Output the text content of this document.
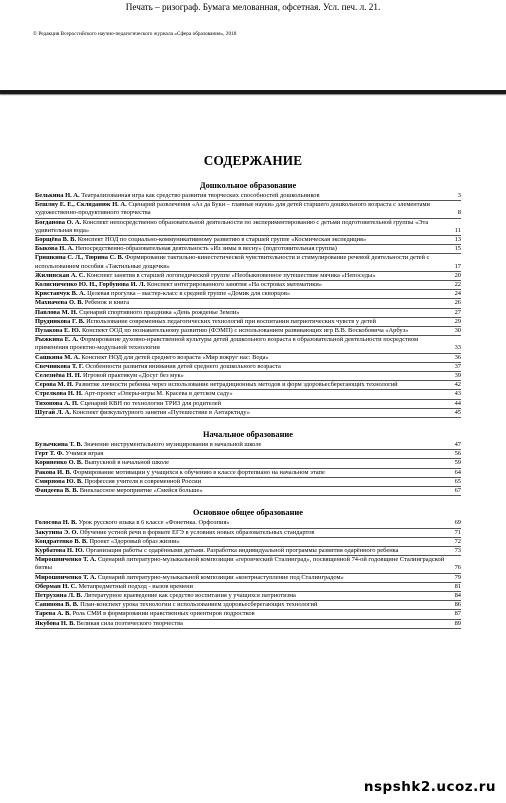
Печать – ризограф. Бумага мелованная, офсетная. Усл. печ. л. 21.
© Редакция Всероссийского научно-педагогического журнала «Сфера образования», 2018
СОДЕРЖАНИЕ
Дошкольное образование
Белькина Н. А. Театрализованная игра как средство развития творческих способностей дошкольников	3
Бешлиу Е. Е., Скляданюк Н. А. Сценарий развлечения «Аз да Буки – главные науки» для детей старшего дошкольного возраста с элементами художественно-продуктивного творчества	8
Богданова О. А. Конспект непосредственно образовательной деятельности по экспериментированию с детьми подготовительной группы «Эта удивительная вода»	11
Борщёва В. В. Конспект НОД по социально-коммуникативному развитию в старшей группе «Космическая экспедиция»	13
Быкова Н. А. Непосредственно-образовательная деятельность «Из зимы в весну» (подготовительная группа)	15
Гришкина С. Л., Тюрина С. В. Формирование тактильно-кинестетической чувствительности и стимулирование речевой деятельности детей с использованием пособия «Тактильные дощечки»	17
Жилинская А. С. Конспект занятия в старшей логопедической группе «Необыкновенное путешествие мячика «Непоседы»	20
Колисниченко Ю. Н., Горбунова И. Л. Конспект интегрированного занятия «На островах математики»	22
Криставчук В. А. Целевая прогулка – мастер-класс в средней группе «Домик для скворцов»	24
Махначева О. В. Ребенок и книга	26
Павлова М. Н. Сценарий спортивного праздника «День рожденье Земли»	27
Прудникова Г. В. Использование современных педагогических технологий при воспитании патриотических чувств у детей	29
Пузакова Е. Ю. Конспект ООД по познавательному развитию (ФЭМП) с использованием развивающих игр В.В. Воскобовича «Арбуз»	30
Рыжкина Е. А. Формирование духовно-нравственной культуры детей дошкольного возраста в образовательной деятельности посредством применения проектно-модульной технологии	33
Сашкина М. А. Конспект НОД для детей среднего возраста «Мир вокруг нас: Вода»	36
Свечникова Т. Г. Особенности развития внимания детей среднего дошкольного возраста	37
Селезнёва Н. Н. Игровой практикум «Досуг без мук»	39
Серова М. Н. Развитие личности ребенка через использование нетрадиционных методов и форм здоровьесберегающих технологий	42
Стрелкова Н. Н. Арт-проект «Оперы-игры М. Красева в детском саду»	43
Тихонова А. П. Сценарий КВН по технологии ТРИЗ для родителей	44
Шугай Л. А. Конспект физкультурного занятия «Путешествие в Антарктиду»	45
Начальное образование
Бузычкина Т. В. Значение инструментального музицирования в начальной школе	47
Герт Т. Ф. Учимся играя	56
Кориненко О. В. Выпускной в начальной школе	59
Ракова И. В. Формирование мотивации у учащихся к обучению в классе фортепиано на начальном этапе	64
Смирнова Ю. В. Профессия учителя в современной России	65
Фандеева В. В. Внеклассное мероприятие «Смейся больше»	67
Основное общее образование
Голосова Н. В. Урок русского языка в 6 классе «Фонетика. Орфоэпия»	69
Закутина Э. О. Обучение устной речи в формате ЕГЭ в условиях новых образовательных стандартов	71
Кондратенко В. В. Проект «Здоровый образ жизни»	72
Курбатова Н. Ю. Организация работы с одарёнными детьми. Разработка индивидуальной программы развития одарённого ребенка	73
Мирошниченко Т. А. Сценарий литературно-музыкальной композиции «героический Сталинград», посвященной 74-ой годовщине Сталинградской битвы	76
Мирошниченко Т. А. Сценарий литературно-музыкальной композиции «контрнаступление под Сталинградом»	79
Оберман Н. С. Метапредметный подход - вызов времени	81
Петрухина Л. В. Литературное краеведение как средство воспитания у учащихся патриотизма	84
Савинова В. В. План-конспект урока технологии с использованием здоровьесберегающих технологий	86
Тарева А. В. Роль СМИ в формировании нравственных ориентиров подростков	87
Якубова Н. В. Великая сила поэтического творчества	89
nspshk2.ucoz.ru
